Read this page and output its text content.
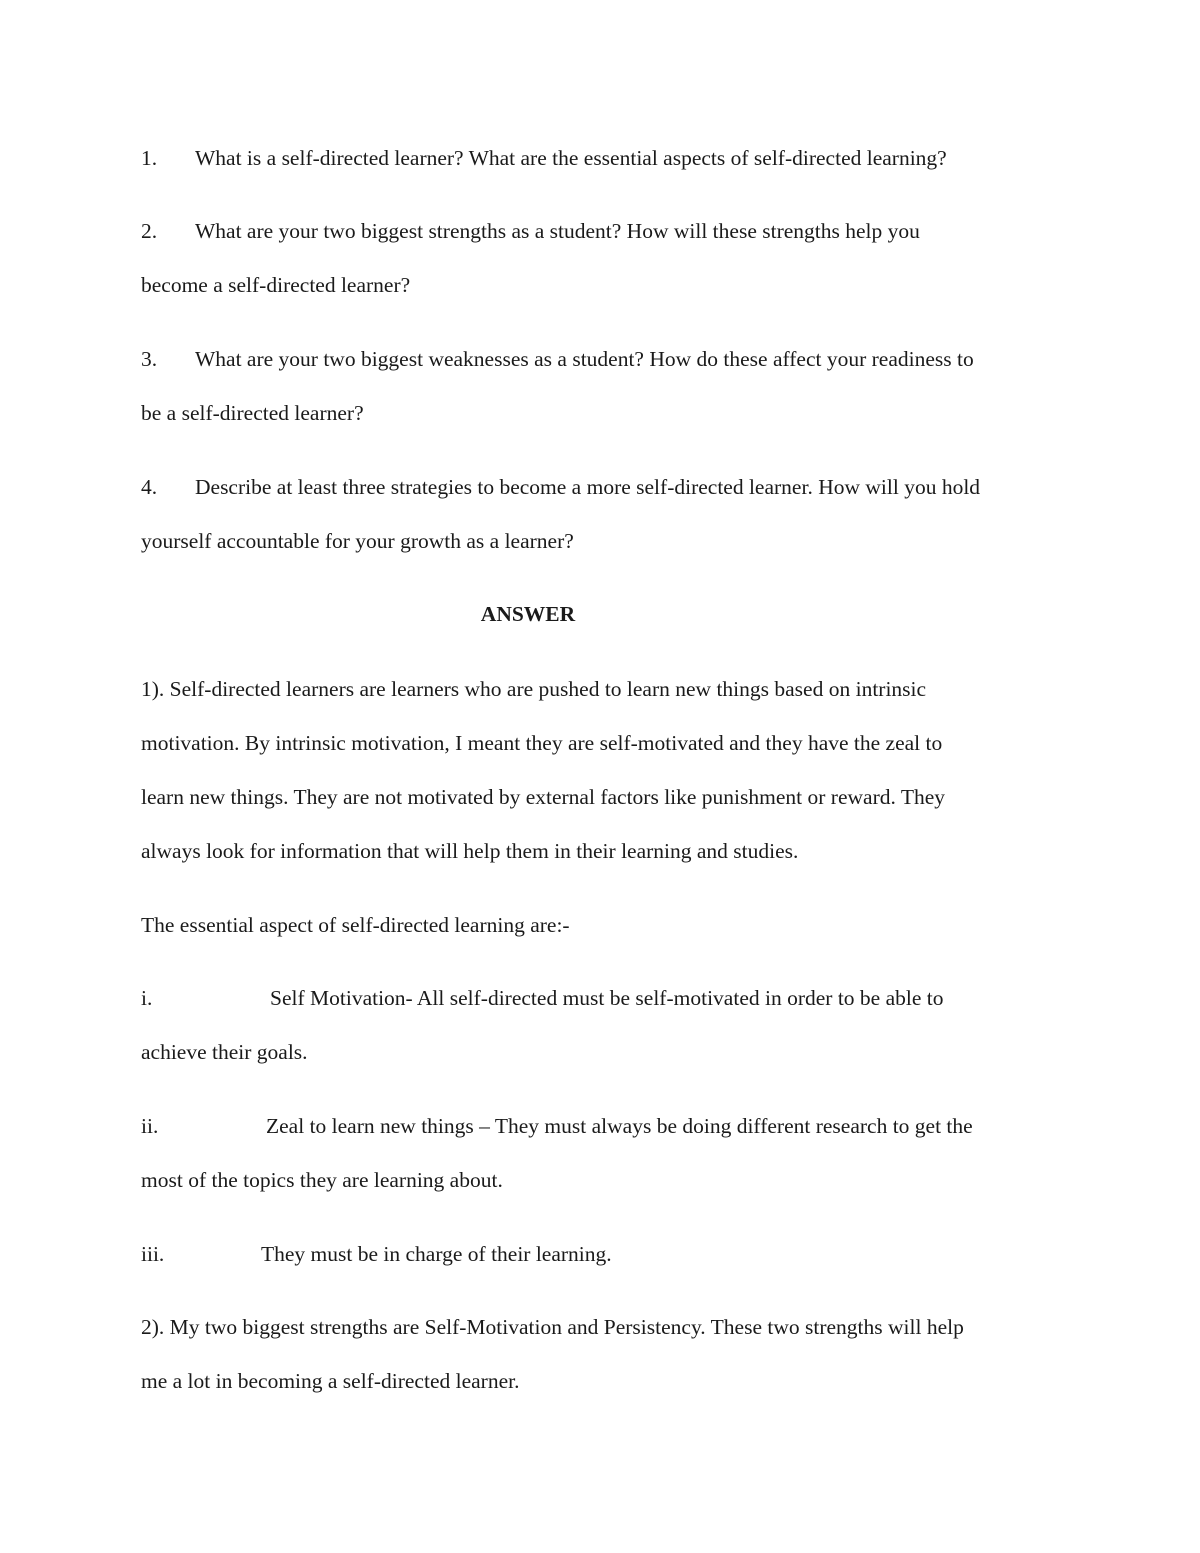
1. What is a self-directed learner? What are the essential aspects of self-directed learning?
2. What are your two biggest strengths as a student? How will these strengths help you
become a self-directed learner?
3. What are your two biggest weaknesses as a student? How do these affect your readiness to
be a self-directed learner?
4. Describe at least three strategies to become a more self-directed learner. How will you hold
yourself accountable for your growth as a learner?
ANSWER
1). Self-directed learners are learners who are pushed to learn new things based on intrinsic
motivation. By intrinsic motivation, I meant they are self-motivated and they have the zeal to
learn new things. They are not motivated by external factors like punishment or reward. They
always look for information that will help them in their learning and studies.
The essential aspect of self-directed learning are:-
i.	Self Motivation- All self-directed must be self-motivated in order to be able to
achieve their goals.
ii.	Zeal to learn new things – They must always be doing different research to get the
most of the topics they are learning about.
iii.	They must be in charge of their learning.
2). My two biggest strengths are Self-Motivation and Persistency. These two strengths will help
me a lot in becoming a self-directed learner.
